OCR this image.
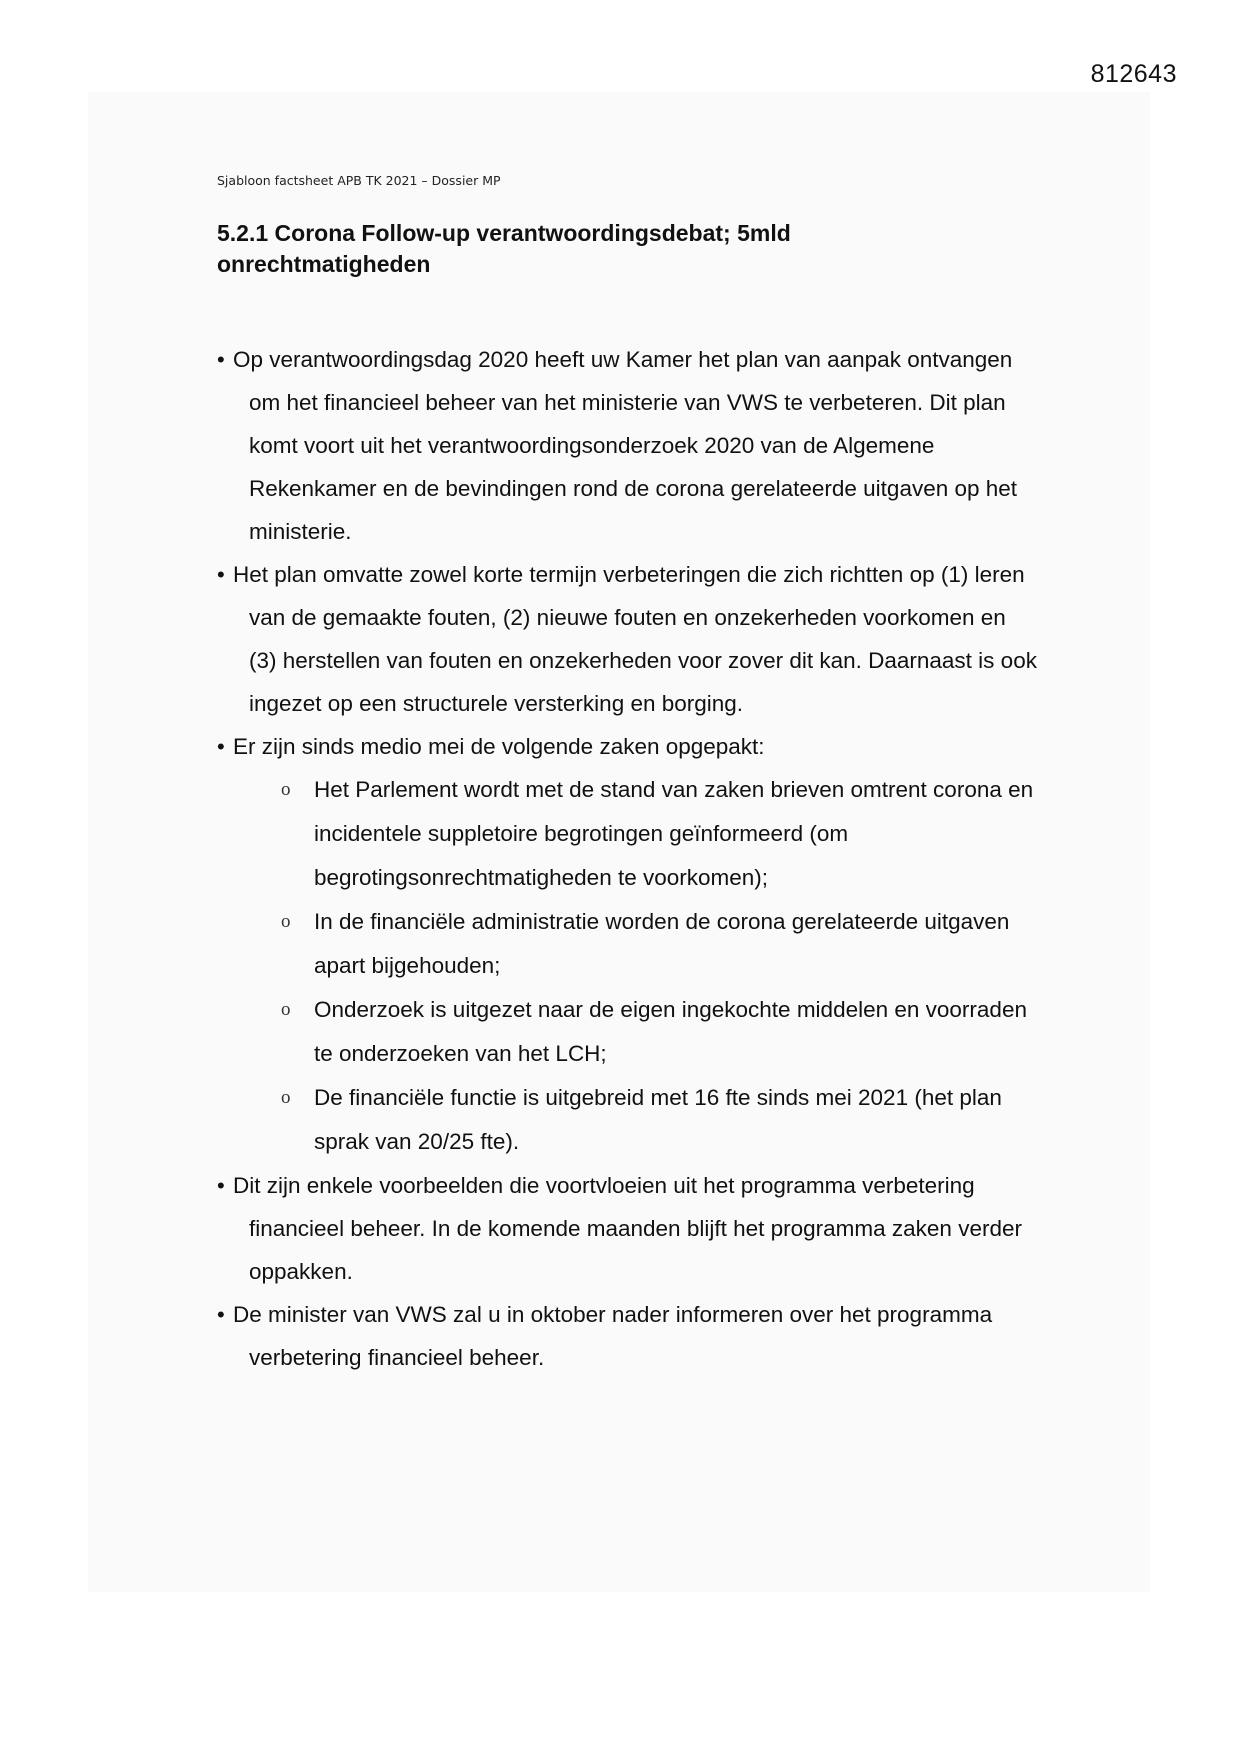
812643
Sjabloon factsheet APB TK 2021 – Dossier MP
5.2.1 Corona Follow-up verantwoordingsdebat; 5mld onrechtmatigheden
• Op verantwoordingsdag 2020 heeft uw Kamer het plan van aanpak ontvangen om het financieel beheer van het ministerie van VWS te verbeteren. Dit plan komt voort uit het verantwoordingsonderzoek 2020 van de Algemene Rekenkamer en de bevindingen rond de corona gerelateerde uitgaven op het ministerie.
• Het plan omvatte zowel korte termijn verbeteringen die zich richtten op (1) leren van de gemaakte fouten, (2) nieuwe fouten en onzekerheden voorkomen en (3) herstellen van fouten en onzekerheden voor zover dit kan. Daarnaast is ook ingezet op een structurele versterking en borging.
• Er zijn sinds medio mei de volgende zaken opgepakt:
o Het Parlement wordt met de stand van zaken brieven omtrent corona en incidentele suppletoire begrotingen geïnformeerd (om begrotingsonrechtmatigheden te voorkomen);
o In de financiële administratie worden de corona gerelateerde uitgaven apart bijgehouden;
o Onderzoek is uitgezet naar de eigen ingekochte middelen en voorraden te onderzoeken van het LCH;
o De financiële functie is uitgebreid met 16 fte sinds mei 2021 (het plan sprak van 20/25 fte).
• Dit zijn enkele voorbeelden die voortvloeien uit het programma verbetering financieel beheer. In de komende maanden blijft het programma zaken verder oppakken.
• De minister van VWS zal u in oktober nader informeren over het programma verbetering financieel beheer.
